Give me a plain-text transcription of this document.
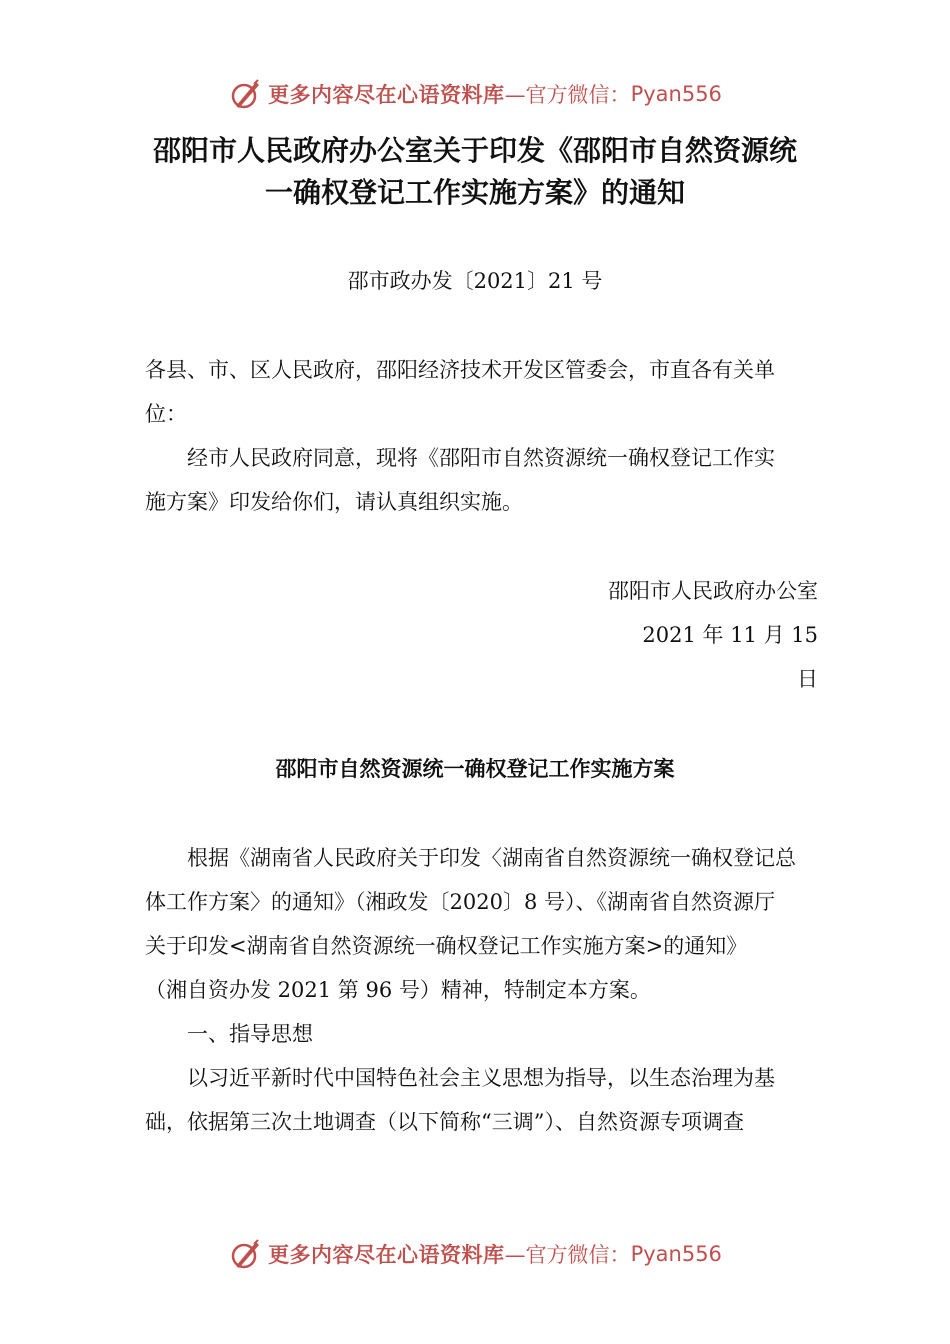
更多内容尽在心语资料库 —官方微信： Pyan556
邵阳市人民政府办公室关于印发《邵阳市自然资源统
一确权登记工作实施方案》的通知

邵市政办发〔2021〕21 号

各县、市、区人民政府，邵阳经济技术开发区管委会，市直各有关单

位：

经市人民政府同意，现将《邵阳市自然资源统一确权登记工作实

施方案》印发给你们，请认真组织实施。

邵阳市人民政府办公室

2021 年 11 月 15

日

邵阳市自然资源统一确权登记工作实施方案

根据《湖南省人民政府关于印发〈湖南省自然资源统一确权登记总

体工作方案〉的通知》（湘政发〔2020〕8 号）、《湖南省自然资源厅

关于印发<湖南省自然资源统一确权登记工作实施方案>的通知》

（湘自资办发 2021 第 96 号）精神，特制定本方案。

一、指导思想

以习近平新时代中国特色社会主义思想为指导，以生态治理为基

础，依据第三次土地调查（以下简称“三调”）、自然资源专项调查

更多内容尽在心语资料库 —官方微信： Pyan556
